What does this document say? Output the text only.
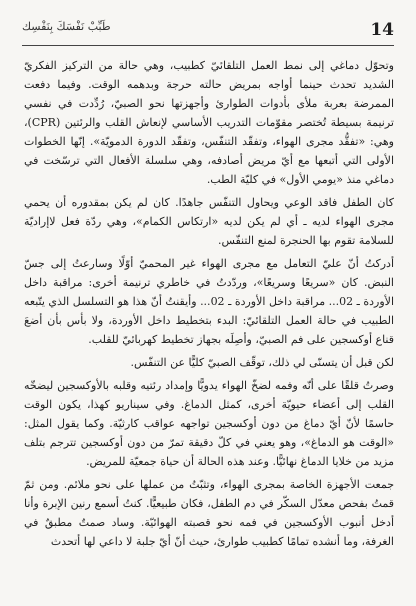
14
طَبِّبْ نَفْسَكَ بِنَفْسِك

وتحوّل دماغي إلى نمط العمل التلقائيّ كطبيب، وهي حالة من التركيز الفكريّ الشديد تحدث حينما أواجه بمريض حالته حرجة وبدهمه الوقت. وفيما دفعت الممرضة بعربة ملأى بأدوات الطوارئ وأجهزتها نحو الصبيّ، رُدِّدت في نفسي ترنيمة بسيطة تُختصر مقوّمات التدريب الأساسي لإنعاش القلب والرئتين (CPR)، وهي: «تفقُّد مجرى الهواء، وتفقّد التنفّس، وتفقّد الدورة الدمويّة». إنّها الخطوات الأولى التي أتبعها مع أيّ مريض أصادفه، وهي سلسلة الأفعال التي ترسّخت في دماغي منذ «يومي الأول» في كليّة الطب.

كان الطفل فاقد الوعي ويحاول التنفّس جاهدًا. كان لم يكن بمقدوره أن يحمي مجرى الهواء لديه ـ أي لم يكن لديه «ارتكاس الكمام»، وهي ردّة فعل لاإراديّة للسلامة تقوم بها الحنجرة لمنع التنفّس.

أدركتُ أنّ عليّ التعامل مع مجرى الهواء غير المحميّ أوّلًا وسارعتُ إلى جسّ النبض. كان «سريعًا وسريعًا»، وردّدتُ في خاطري ترنيمة أخرى: مراقبة داخل الأوردة ـ 02... مراقبة داخل الأوردة ـ 02... وأيقنتُ أنّ هذا هو التسلسل الذي يتّبعه الطبيب في حالة العمل التلقائيّ: البدء بتخطيط داخل الأوردة، ولا بأس بأن أضعَ قناع أوكسجين على فم الصبيّ، وأصِلَه بجهاز تخطيط كهربائيّ للقلب.

لكن قبل أن يتسنّى لي ذلك، توقّف الصبيّ كليًّا عن التنفّس.

وصرتُ قلقًا على أنّه وفمه لضخّ الهواء يدويًّا وإمداد رئتيه وقلبه بالأوكسجين ليضخّه القلب إلى أعضاء حيويّة أخرى، كمثل الدماغ. وفي سيناريو كهذا، يكون الوقت حاسمًا لأنّ أيّ دماغ من دون أوكسجين تواجهه عواقب كارثيّة. وكما يقول المثل: «الوقت هو الدماغ»، وهو يعني في كلّ دقيقة تمرّ من دون أوكسجين تترجم بتلف مزيد من خلايا الدماغ نهائيًّا. وعند هذه الحالة أن حياة جمعيّة للمريض.

جمعت الأجهزة الخاصة بمجرى الهواء، وتثبّتُ من عملها على نحو ملائم. ومن ثمّ قمتُ بفحص معدّل السكّر في دم الطفل، فكان طبيعيًّا. كنتُ أسمع رنين الإبرة وأنا أدخل أنبوب الأوكسجين في فمه نحو قصبته الهوائيّة. وساد صمتٌ مطبقٌ في الغرفة، وما أنشده تمامًا كطبيب طوارئ، حيث أنّ أيّ جلبة لا داعي لها أتحدث
